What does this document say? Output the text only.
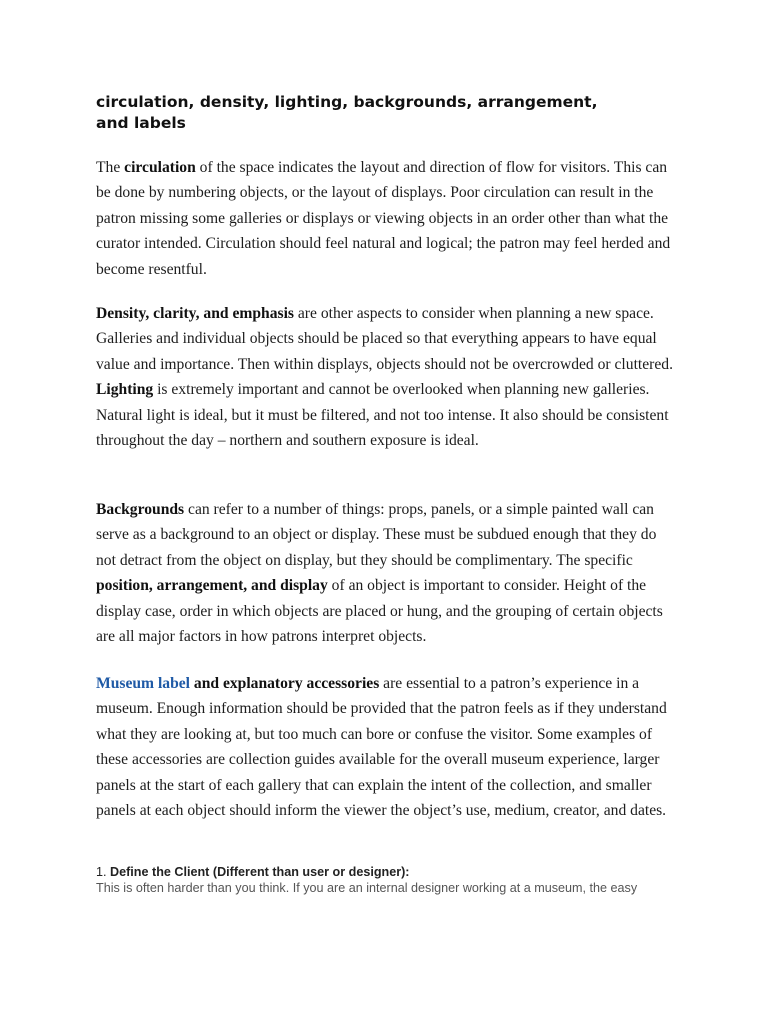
circulation, density, lighting, backgrounds, arrangement,
and labels

The circulation of the space indicates the layout and direction of flow for visitors. This can be done by numbering objects, or the layout of displays. Poor circulation can result in the patron missing some galleries or displays or viewing objects in an order other than what the curator intended. Circulation should feel natural and logical; the patron may feel herded and become resentful.

Density, clarity, and emphasis are other aspects to consider when planning a new space. Galleries and individual objects should be placed so that everything appears to have equal value and importance. Then within displays, objects should not be overcrowded or cluttered. Lighting is extremely important and cannot be overlooked when planning new galleries. Natural light is ideal, but it must be filtered, and not too intense. It also should be consistent throughout the day – northern and southern exposure is ideal.

Backgrounds can refer to a number of things: props, panels, or a simple painted wall can serve as a background to an object or display. These must be subdued enough that they do not detract from the object on display, but they should be complimentary. The specific position, arrangement, and display of an object is important to consider. Height of the display case, order in which objects are placed or hung, and the grouping of certain objects are all major factors in how patrons interpret objects.

Museum label and explanatory accessories are essential to a patron’s experience in a museum. Enough information should be provided that the patron feels as if they understand what they are looking at, but too much can bore or confuse the visitor. Some examples of these accessories are collection guides available for the overall museum experience, larger panels at the start of each gallery that can explain the intent of the collection, and smaller panels at each object should inform the viewer the object’s use, medium, creator, and dates.

1. Define the Client (Different than user or designer):

This is often harder than you think. If you are an internal designer working at a museum, the easy
